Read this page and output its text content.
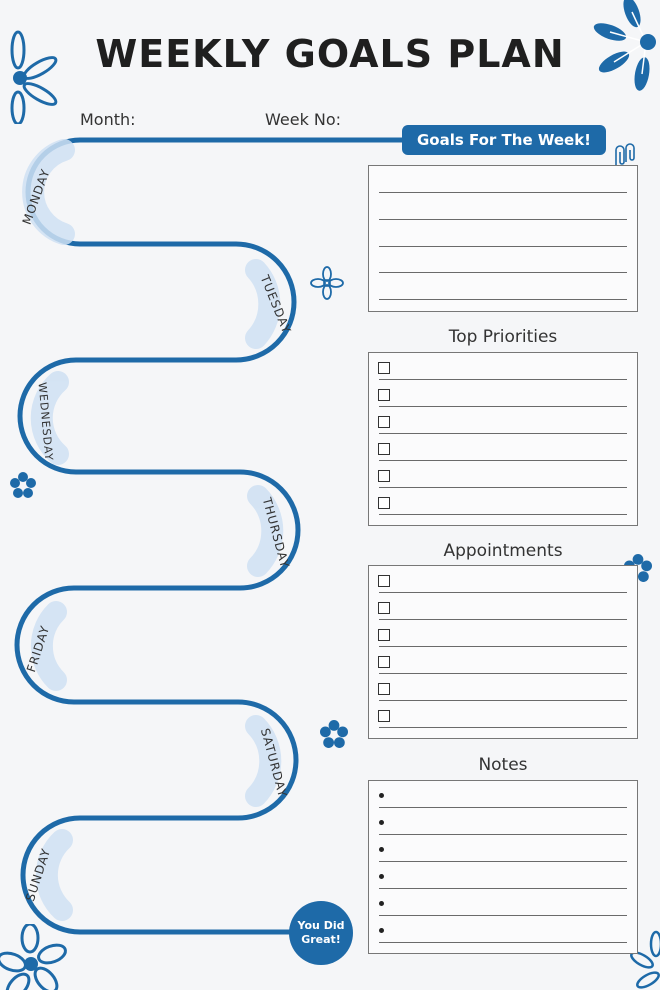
WEEKLY GOALS PLAN
Month:	Week No:
MONDAY
TUESDAY
WEDNESDAY
THURSDAY
FRIDAY
SATURDAY
SUNDAY
Goals For The Week!
Top Priorities
Appointments
Notes
You Did
Great!
